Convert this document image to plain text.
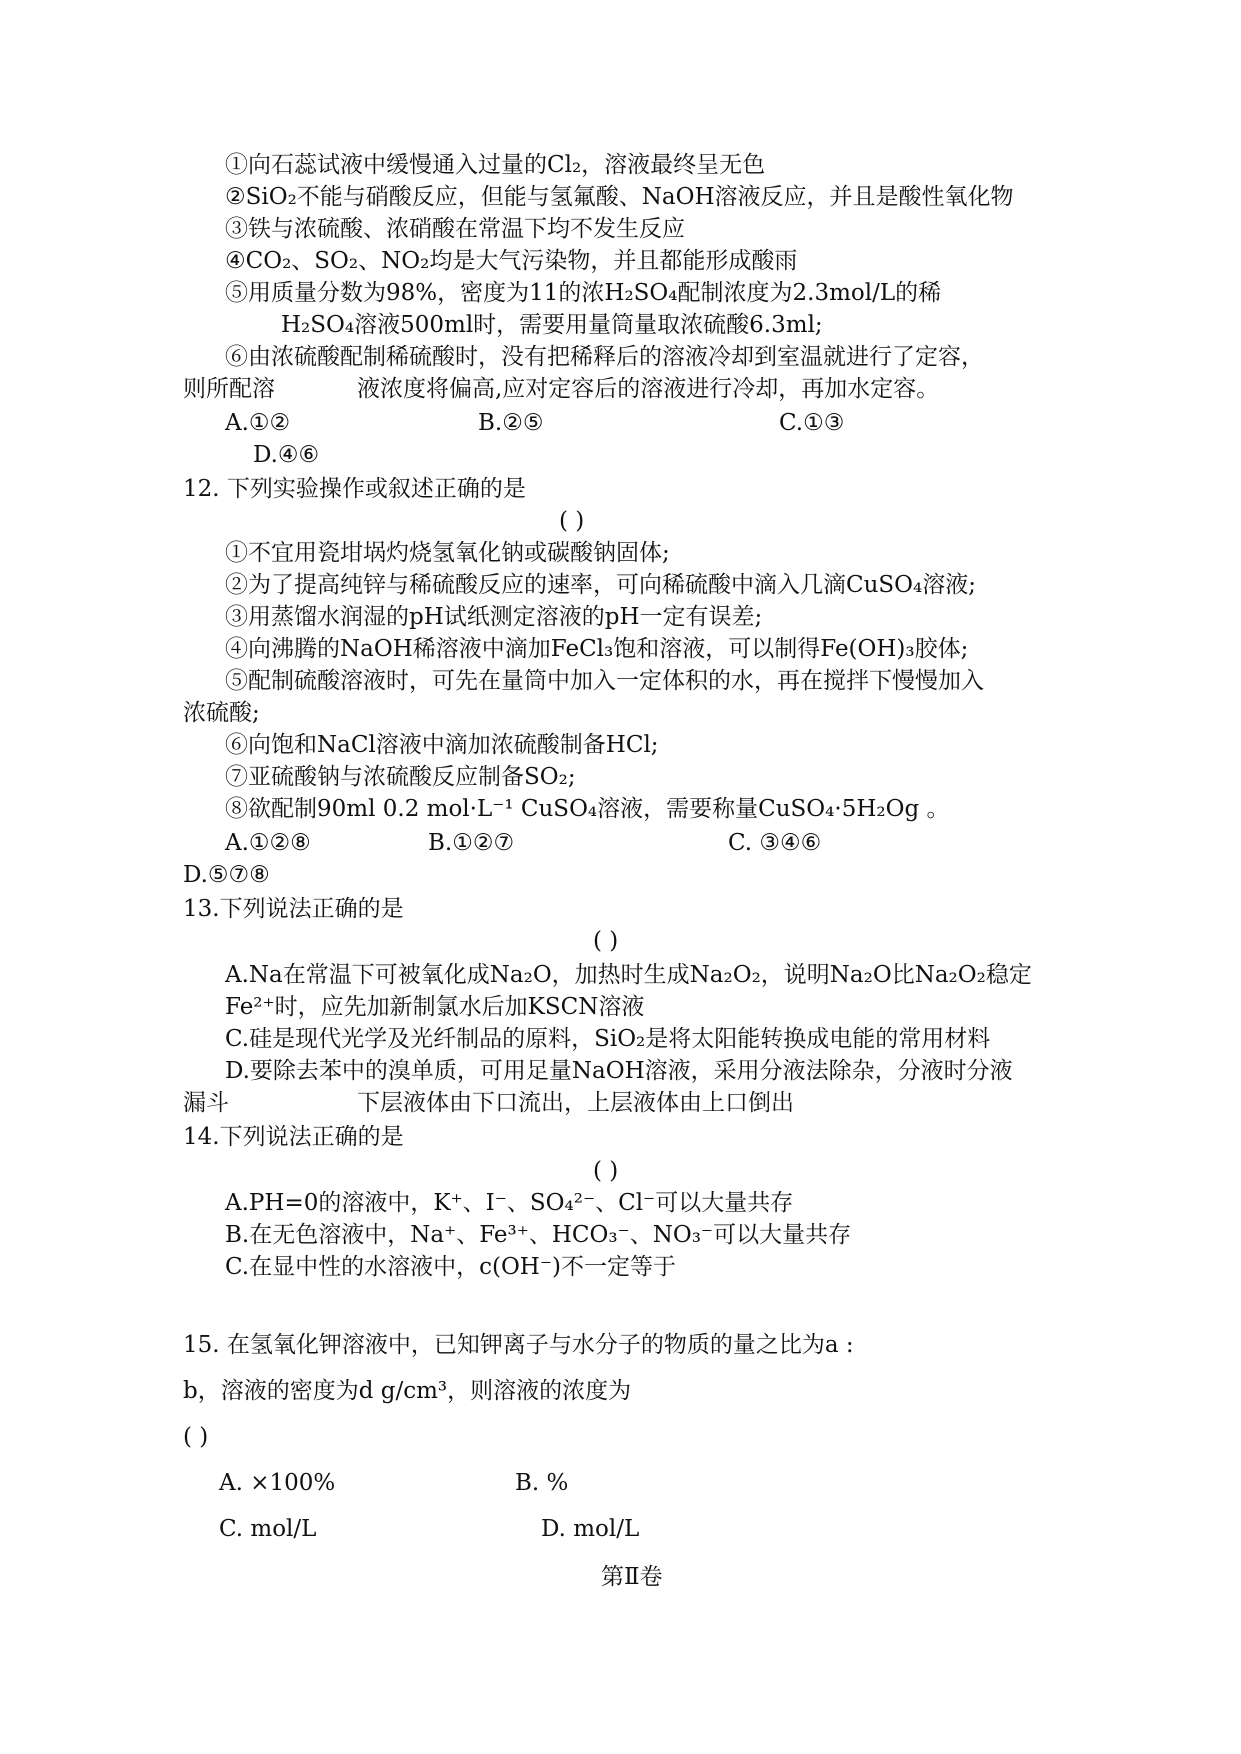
①向石蕊试液中缓慢通入过量的Cl₂，溶液最终呈无色
②SiO₂不能与硝酸反应，但能与氢氟酸、NaOH溶液反应，并且是酸性氧化物
③铁与浓硫酸、浓硝酸在常温下均不发生反应
④CO₂、SO₂、NO₂均是大气污染物，并且都能形成酸雨
⑤用质量分数为98%，密度为11的浓H₂SO₄配制浓度为2.3mol/L的稀
H₂SO₄溶液500ml时，需要用量筒量取浓硫酸6.3ml;
⑥由浓硫酸配制稀硫酸时，没有把稀释后的溶液冷却到室温就进行了定容，
则所配溶	液浓度将偏高,应对定容后的溶液进行冷却，再加水定容。
A.①②	B.②⑤	C.①③
D.④⑥
12. 下列实验操作或叙述正确的是
( )
①不宜用瓷坩埚灼烧氢氧化钠或碳酸钠固体;
②为了提高纯锌与稀硫酸反应的速率，可向稀硫酸中滴入几滴CuSO₄溶液;
③用蒸馏水润湿的pH试纸测定溶液的pH一定有误差;
④向沸腾的NaOH稀溶液中滴加FeCl₃饱和溶液，可以制得Fe(OH)₃胶体;
⑤配制硫酸溶液时，可先在量筒中加入一定体积的水，再在搅拌下慢慢加入
浓硫酸;
⑥向饱和NaCl溶液中滴加浓硫酸制备HCl;
⑦亚硫酸钠与浓硫酸反应制备SO₂;
⑧欲配制90ml 0.2 mol·L⁻¹ CuSO₄溶液，需要称量CuSO₄·5H₂Og 。
A.①②⑧	B.①②⑦	C. ③④⑥
D.⑤⑦⑧
13.下列说法正确的是
( )
A.Na在常温下可被氧化成Na₂O，加热时生成Na₂O₂，说明Na₂O比Na₂O₂稳定
Fe²⁺时，应先加新制氯水后加KSCN溶液
C.硅是现代光学及光纤制品的原料，SiO₂是将太阳能转换成电能的常用材料
D.要除去苯中的溴单质，可用足量NaOH溶液，采用分液法除杂，分液时分液
漏斗	下层液体由下口流出，上层液体由上口倒出
14.下列说法正确的是
( )
A.PH=0的溶液中，K⁺、I⁻、SO₄²⁻、Cl⁻可以大量共存
B.在无色溶液中，Na⁺、Fe³⁺、HCO₃⁻、NO₃⁻可以大量共存
C.在显中性的水溶液中，c(OH⁻)不一定等于
15. 在氢氧化钾溶液中，已知钾离子与水分子的物质的量之比为a :
b，溶液的密度为d g/cm³，则溶液的浓度为
( )
A. ×100%	B. %
C. mol/L	D. mol/L
第Ⅱ卷
